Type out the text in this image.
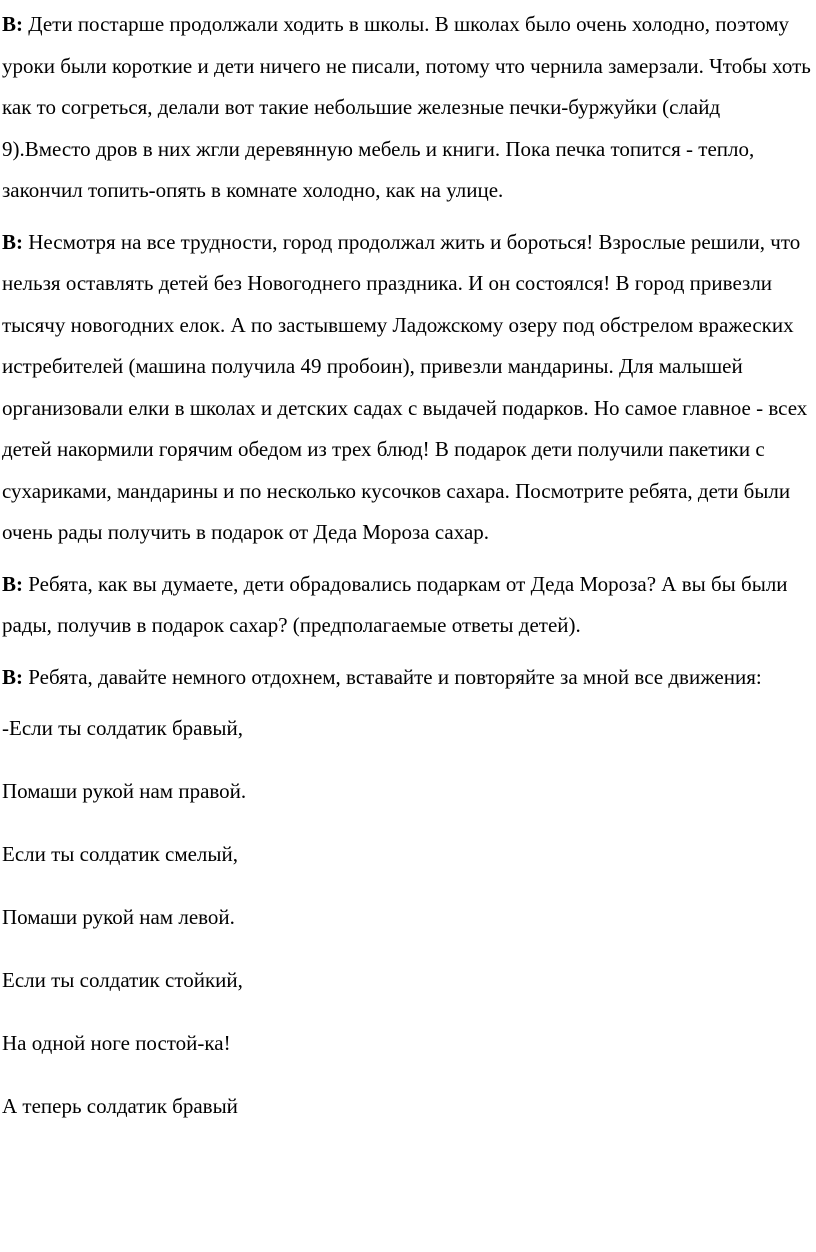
В: Дети постарше продолжали ходить в школы. В школах было очень холодно, поэтому уроки были короткие и дети ничего не писали, потому что чернила замерзали. Чтобы хоть как то согреться, делали вот такие небольшие железные печки-буржуйки (слайд 9).Вместо дров в них жгли деревянную мебель и книги. Пока печка топится - тепло, закончил топить-опять в комнате холодно, как на улице.

В: Несмотря на все трудности, город продолжал жить и бороться! Взрослые решили, что нельзя оставлять детей без Новогоднего праздника. И он состоялся! В город привезли тысячу новогодних елок. А по застывшему Ладожскому озеру под обстрелом вражеских истребителей (машина получила 49 пробоин), привезли мандарины. Для малышей организовали елки в школах и детских садах с выдачей подарков. Но самое главное - всех детей накормили горячим обедом из трех блюд! В подарок дети получили пакетики с сухариками, мандарины и по несколько кусочков сахара. Посмотрите ребята, дети были очень рады получить в подарок от Деда Мороза сахар.

В: Ребята, как вы думаете, дети обрадовались подаркам от Деда Мороза? А вы бы были рады, получив в подарок сахар? (предполагаемые ответы детей).

В: Ребята, давайте немного отдохнем, вставайте и повторяйте за мной все движения:

-Если ты солдатик бравый,

Помаши рукой нам правой.

Если ты солдатик смелый,

Помаши рукой нам левой.

Если ты солдатик стойкий,

На одной ноге постой-ка!

А теперь солдатик бравый
